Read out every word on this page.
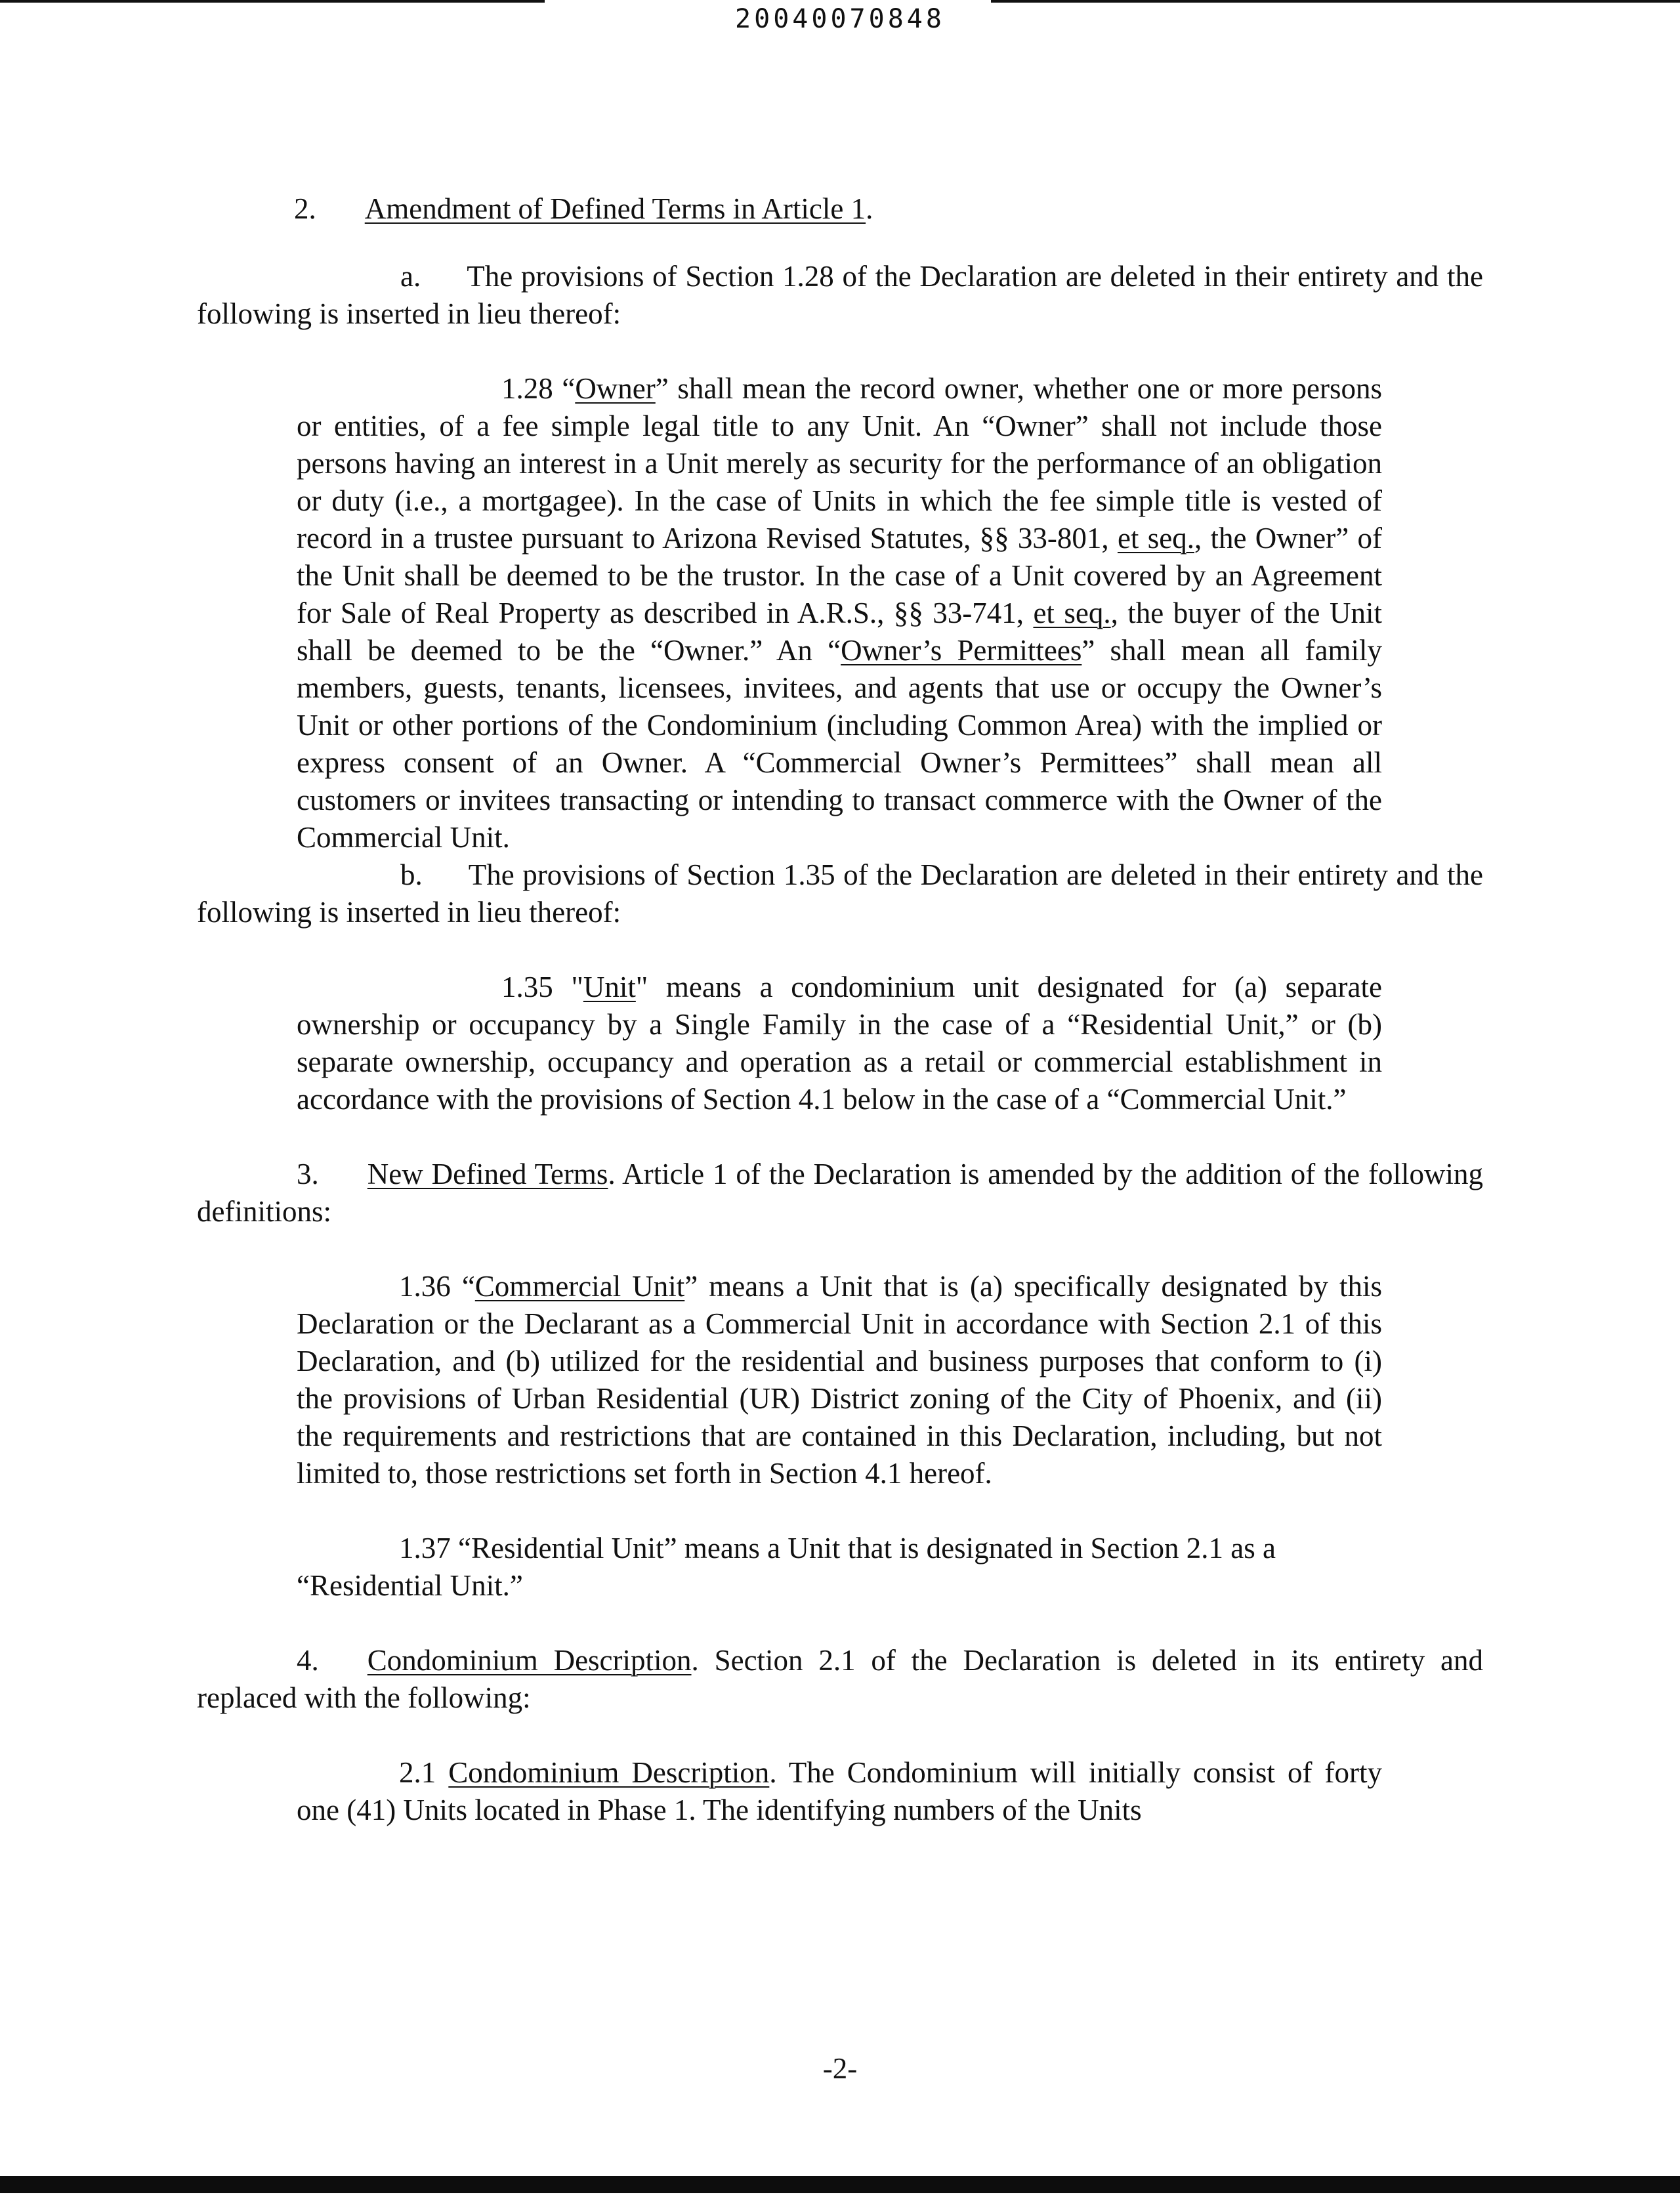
20040070848

2. Amendment of Defined Terms in Article 1.

a. The provisions of Section 1.28 of the Declaration are deleted in their entirety and the following is inserted in lieu thereof:

1.28 “Owner” shall mean the record owner, whether one or more persons or entities, of a fee simple legal title to any Unit. An “Owner” shall not include those persons having an interest in a Unit merely as security for the performance of an obligation or duty (i.e., a mortgagee). In the case of Units in which the fee simple title is vested of record in a trustee pursuant to Arizona Revised Statutes, §§ 33-801, et seq., the Owner” of the Unit shall be deemed to be the trustor. In the case of a Unit covered by an Agreement for Sale of Real Property as described in A.R.S., §§ 33-741, et seq., the buyer of the Unit shall be deemed to be the “Owner.” An “Owner’s Permittees” shall mean all family members, guests, tenants, licensees, invitees, and agents that use or occupy the Owner’s Unit or other portions of the Condominium (including Common Area) with the implied or express consent of an Owner. A “Commercial Owner’s Permittees” shall mean all customers or invitees transacting or intending to transact commerce with the Owner of the Commercial Unit.

b. The provisions of Section 1.35 of the Declaration are deleted in their entirety and the following is inserted in lieu thereof:

1.35 "Unit" means a condominium unit designated for (a) separate ownership or occupancy by a Single Family in the case of a “Residential Unit,” or (b) separate ownership, occupancy and operation as a retail or commercial establishment in accordance with the provisions of Section 4.1 below in the case of a “Commercial Unit.”

3. New Defined Terms. Article 1 of the Declaration is amended by the addition of the following definitions:

1.36 “Commercial Unit” means a Unit that is (a) specifically designated by this Declaration or the Declarant as a Commercial Unit in accordance with Section 2.1 of this Declaration, and (b) utilized for the residential and business purposes that conform to (i) the provisions of Urban Residential (UR) District zoning of the City of Phoenix, and (ii) the requirements and restrictions that are contained in this Declaration, including, but not limited to, those restrictions set forth in Section 4.1 hereof.

1.37 “Residential Unit” means a Unit that is designated in Section 2.1 as a “Residential Unit.”

4. Condominium Description. Section 2.1 of the Declaration is deleted in its entirety and replaced with the following:

2.1 Condominium Description. The Condominium will initially consist of forty one (41) Units located in Phase 1. The identifying numbers of the Units

-2-
